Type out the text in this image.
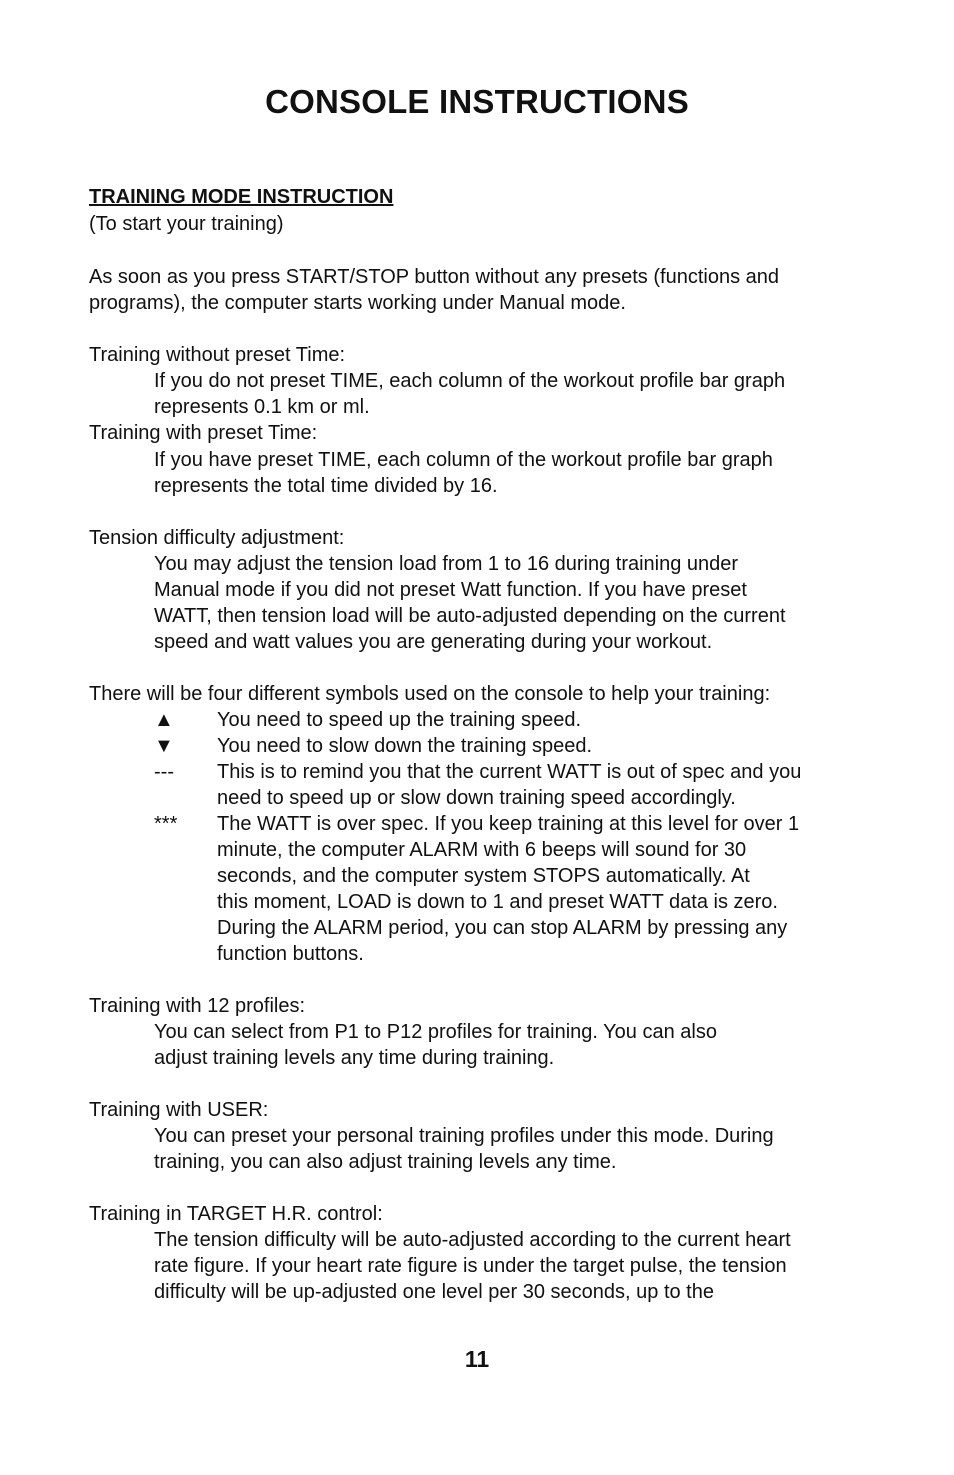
CONSOLE INSTRUCTIONS
TRAINING MODE INSTRUCTION
(To start your training)
As soon as you press START/STOP button without any presets (functions and
programs), the computer starts working under Manual mode.
Training without preset Time:
If you do not preset TIME, each column of the workout profile bar graph
represents 0.1 km or ml.
Training with preset Time:
If you have preset TIME, each column of the workout profile bar graph
represents the total time divided by 16.
Tension difficulty adjustment:
You may adjust the tension load from 1 to 16 during training under
Manual mode if you did not preset Watt function. If you have preset
WATT, then tension load will be auto-adjusted depending on the current
speed and watt values you are generating during your workout.
There will be four different symbols used on the console to help your training:
▲ You need to speed up the training speed.
▼ You need to slow down the training speed.
--- This is to remind you that the current WATT is out of spec and you
need to speed up or slow down training speed accordingly.
*** The WATT is over spec. If you keep training at this level for over 1
minute, the computer ALARM with 6 beeps will sound for 30
seconds, and the computer system STOPS automatically. At
this moment, LOAD is down to 1 and preset WATT data is zero.
During the ALARM period, you can stop ALARM by pressing any
function buttons.
Training with 12 profiles:
You can select from P1 to P12 profiles for training. You can also
adjust training levels any time during training.
Training with USER:
You can preset your personal training profiles under this mode. During
training, you can also adjust training levels any time.
Training in TARGET H.R. control:
The tension difficulty will be auto-adjusted according to the current heart
rate figure. If your heart rate figure is under the target pulse, the tension
difficulty will be up-adjusted one level per 30 seconds, up to the
11
